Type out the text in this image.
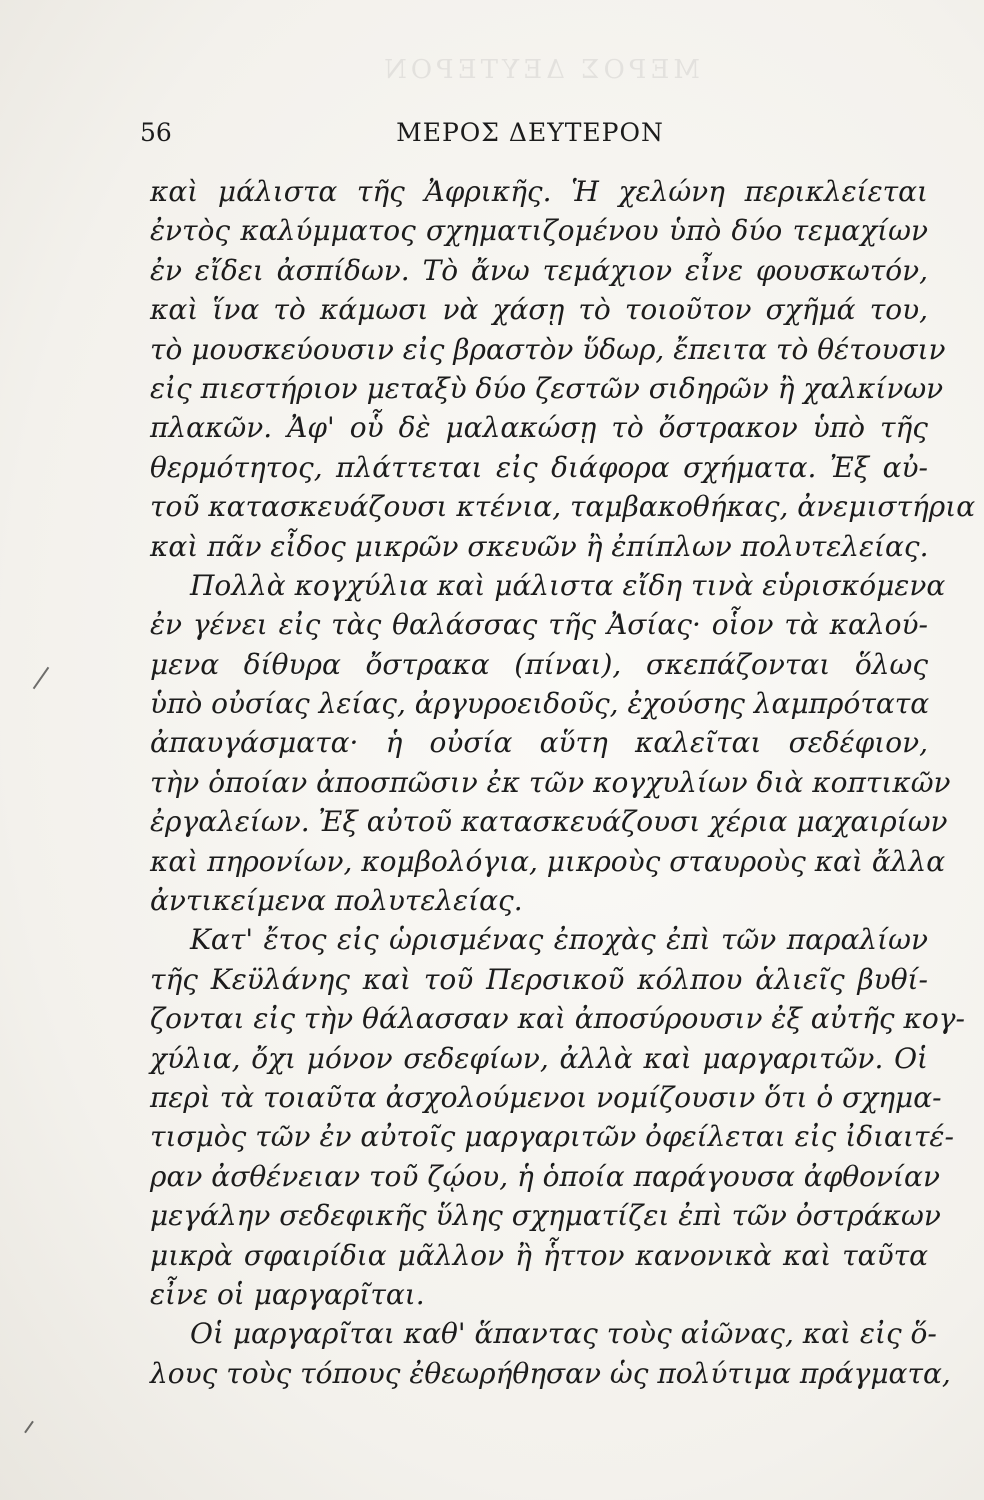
ΜΕΡΟΣ ΔΕΥΤΕΡΟΝ
56	ΜΕΡΟΣ ΔΕΥΤΕΡΟΝ
καὶ μάλιστα τῆς Ἀφρικῆς. Ἡ χελώνη περικλείεται
ἐντὸς καλύμματος σχηματιζομένου ὑπὸ δύο τεμαχίων
ἐν εἴδει ἀσπίδων. Τὸ ἄνω τεμάχιον εἶνε φουσκωτόν,
καὶ ἵνα τὸ κάμωσι νὰ χάσῃ τὸ τοιοῦτον σχῆμά του,
τὸ μουσκεύουσιν εἰς βραστὸν ὕδωρ, ἔπειτα τὸ θέτουσιν
εἰς πιεστήριον μεταξὺ δύο ζεστῶν σιδηρῶν ἢ χαλκίνων
πλακῶν. Ἀφ' οὗ δὲ μαλακώσῃ τὸ ὄστρακον ὑπὸ τῆς
θερμότητος, πλάττεται εἰς διάφορα σχήματα. Ἐξ αὐ-
τοῦ κατασκευάζουσι κτένια, ταμβακοθήκας, ἀνεμιστήρια
καὶ πᾶν εἶδος μικρῶν σκευῶν ἢ ἐπίπλων πολυτελείας.
Πολλὰ κογχύλια καὶ μάλιστα εἴδη τινὰ εὑρισκόμενα
ἐν γένει εἰς τὰς θαλάσσας τῆς Ἀσίας· οἷον τὰ καλού-
μενα δίθυρα ὄστρακα (πίναι), σκεπάζονται ὅλως
ὑπὸ οὐσίας λείας, ἀργυροειδοῦς, ἐχούσης λαμπρότατα
ἀπαυγάσματα· ἡ οὐσία αὕτη καλεῖται σεδέφιον,
τὴν ὁποίαν ἀποσπῶσιν ἐκ τῶν κογχυλίων διὰ κοπτικῶν
ἐργαλείων. Ἐξ αὐτοῦ κατασκευάζουσι χέρια μαχαιρίων
καὶ πηρονίων, κομβολόγια, μικροὺς σταυροὺς καὶ ἄλλα
ἀντικείμενα πολυτελείας.
Κατ' ἔτος εἰς ὡρισμένας ἐποχὰς ἐπὶ τῶν παραλίων
τῆς Κεϋλάνης καὶ τοῦ Περσικοῦ κόλπου ἁλιεῖς βυθί-
ζονται εἰς τὴν θάλασσαν καὶ ἀποσύρουσιν ἐξ αὐτῆς κογ-
χύλια, ὄχι μόνον σεδεφίων, ἀλλὰ καὶ μαργαριτῶν. Οἱ
περὶ τὰ τοιαῦτα ἀσχολούμενοι νομίζουσιν ὅτι ὁ σχημα-
τισμὸς τῶν ἐν αὐτοῖς μαργαριτῶν ὀφείλεται εἰς ἰδιαιτέ-
ραν ἀσθένειαν τοῦ ζῴου, ἡ ὁποία παράγουσα ἀφθονίαν
μεγάλην σεδεφικῆς ὕλης σχηματίζει ἐπὶ τῶν ὀστράκων
μικρὰ σφαιρίδια μᾶλλον ἢ ἧττον κανονικὰ καὶ ταῦτα
εἶνε οἱ μαργαρῖται.
Οἱ μαργαρῖται καθ' ἅπαντας τοὺς αἰῶνας, καὶ εἰς ὅ-
λους τοὺς τόπους ἐθεωρήθησαν ὡς πολύτιμα πράγματα,
